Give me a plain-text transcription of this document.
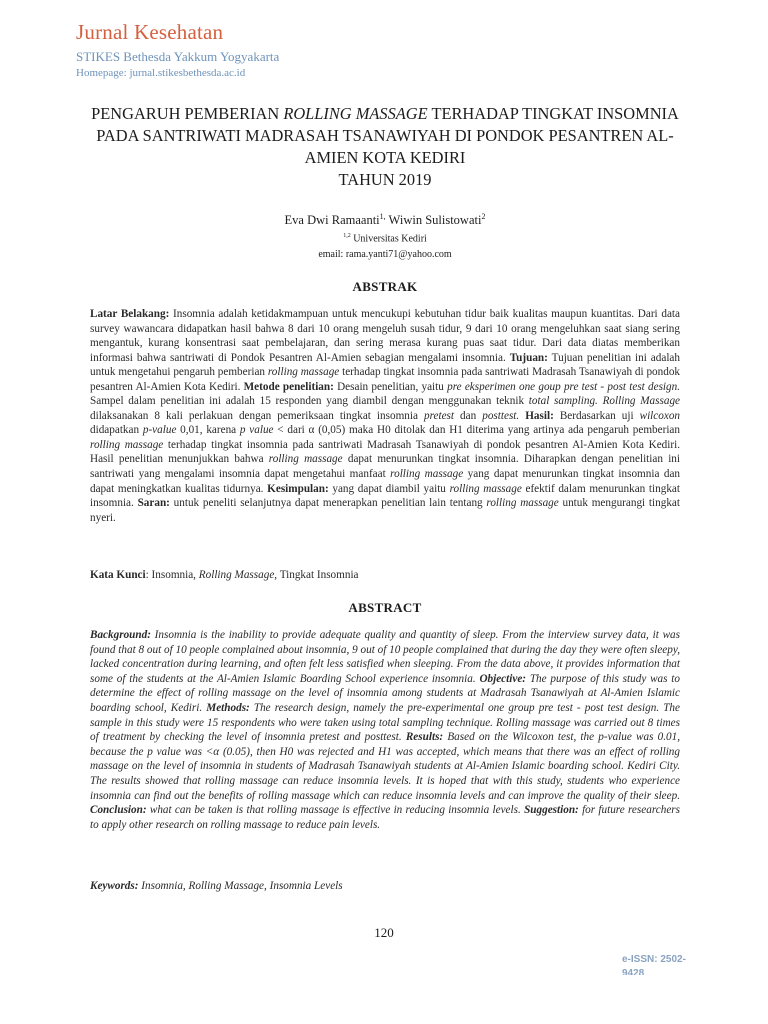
Jurnal Kesehatan
STIKES Bethesda Yakkum Yogyakarta
Homepage: jurnal.stikesbethesda.ac.id
PENGARUH PEMBERIAN ROLLING MASSAGE TERHADAP TINGKAT INSOMNIA PADA SANTRIWATI MADRASAH TSANAWIYAH DI PONDOK PESANTREN AL-AMIEN KOTA KEDIRI
TAHUN 2019
Eva Dwi Ramaanti$^{1,}$ Wiwin Sulistowati$^2$
$^{1,2}$ Universitas Kediri
email: rama.yanti71@yahoo.com
ABSTRAK

Latar Belakang: Insomnia adalah ketidakmampuan untuk mencukupi kebutuhan tidur baik kualitas maupun kuantitas. Dari data survey wawancara didapatkan hasil bahwa 8 dari 10 orang mengeluh susah tidur, 9 dari 10 orang mengeluhkan saat siang sering mengantuk, kurang konsentrasi saat pembelajaran, dan sering merasa kurang puas saat tidur. Dari data diatas memberikan informasi bahwa santriwati di Pondok Pesantren Al-Amien sebagian mengalami insomnia. Tujuan: Tujuan penelitian ini adalah untuk mengetahui pengaruh pemberian rolling massage terhadap tingkat insomnia pada santriwati Madrasah Tsanawiyah di pondok pesantren Al-Amien Kota Kediri. Metode penelitian: Desain penelitian, yaitu pre eksperimen one goup pre test - post test design. Sampel dalam penelitian ini adalah 15 responden yang diambil dengan menggunakan teknik total sampling. Rolling Massage dilaksanakan 8 kali perlakuan dengan pemeriksaan tingkat insomnia pretest dan posttest. Hasil: Berdasarkan uji wilcoxon didapatkan p-value 0,01, karena p value < dari α (0,05) maka H0 ditolak dan H1 diterima yang artinya ada pengaruh pemberian rolling massage terhadap tingkat insomnia pada santriwati Madrasah Tsanawiyah di pondok pesantren Al-Amien Kota Kediri. Hasil penelitian menunjukkan bahwa rolling massage dapat menurunkan tingkat insomnia. Diharapkan dengan penelitian ini santriwati yang mengalami insomnia dapat mengetahui manfaat rolling massage yang dapat menurunkan tingkat insomnia dan dapat meningkatkan kualitas tidurnya. Kesimpulan: yang dapat diambil yaitu rolling massage efektif dalam menurunkan tingkat insomnia. Saran: untuk peneliti selanjutnya dapat menerapkan penelitian lain tentang rolling massage untuk mengurangi tingkat nyeri.

Kata Kunci: Insomnia, Rolling Massage, Tingkat Insomnia

ABSTRACT

Background: Insomnia is the inability to provide adequate quality and quantity of sleep. From the interview survey data, it was found that 8 out of 10 people complained about insomnia, 9 out of 10 people complained that during the day they were often sleepy, lacked concentration during learning, and often felt less satisfied when sleeping. From the data above, it provides information that some of the students at the Al-Amien Islamic Boarding School experience insomnia. Objective: The purpose of this study was to determine the effect of rolling massage on the level of insomnia among students at Madrasah Tsanawiyah at Al-Amien Islamic boarding school, Kediri. Methods: The research design, namely the pre-experimental one group pre test - post test design. The sample in this study were 15 respondents who were taken using total sampling technique. Rolling massage was carried out 8 times of treatment by checking the level of insomnia pretest and posttest. Results: Based on the Wilcoxon test, the p-value was 0.01, because the p value was <α (0.05), then H0 was rejected and H1 was accepted, which means that there was an effect of rolling massage on the level of insomnia in students of Madrasah Tsanawiyah students at Al-Amien Islamic boarding school. Kediri City. The results showed that rolling massage can reduce insomnia levels. It is hoped that with this study, students who experience insomnia can find out the benefits of rolling massage which can reduce insomnia levels and can improve the quality of their sleep. Conclusion: what can be taken is that rolling massage is effective in reducing insomnia levels. Suggestion: for future researchers to apply other research on rolling massage to reduce pain levels.

Keywords: Insomnia, Rolling Massage, Insomnia Levels

120
e-ISSN: 2502-9428
